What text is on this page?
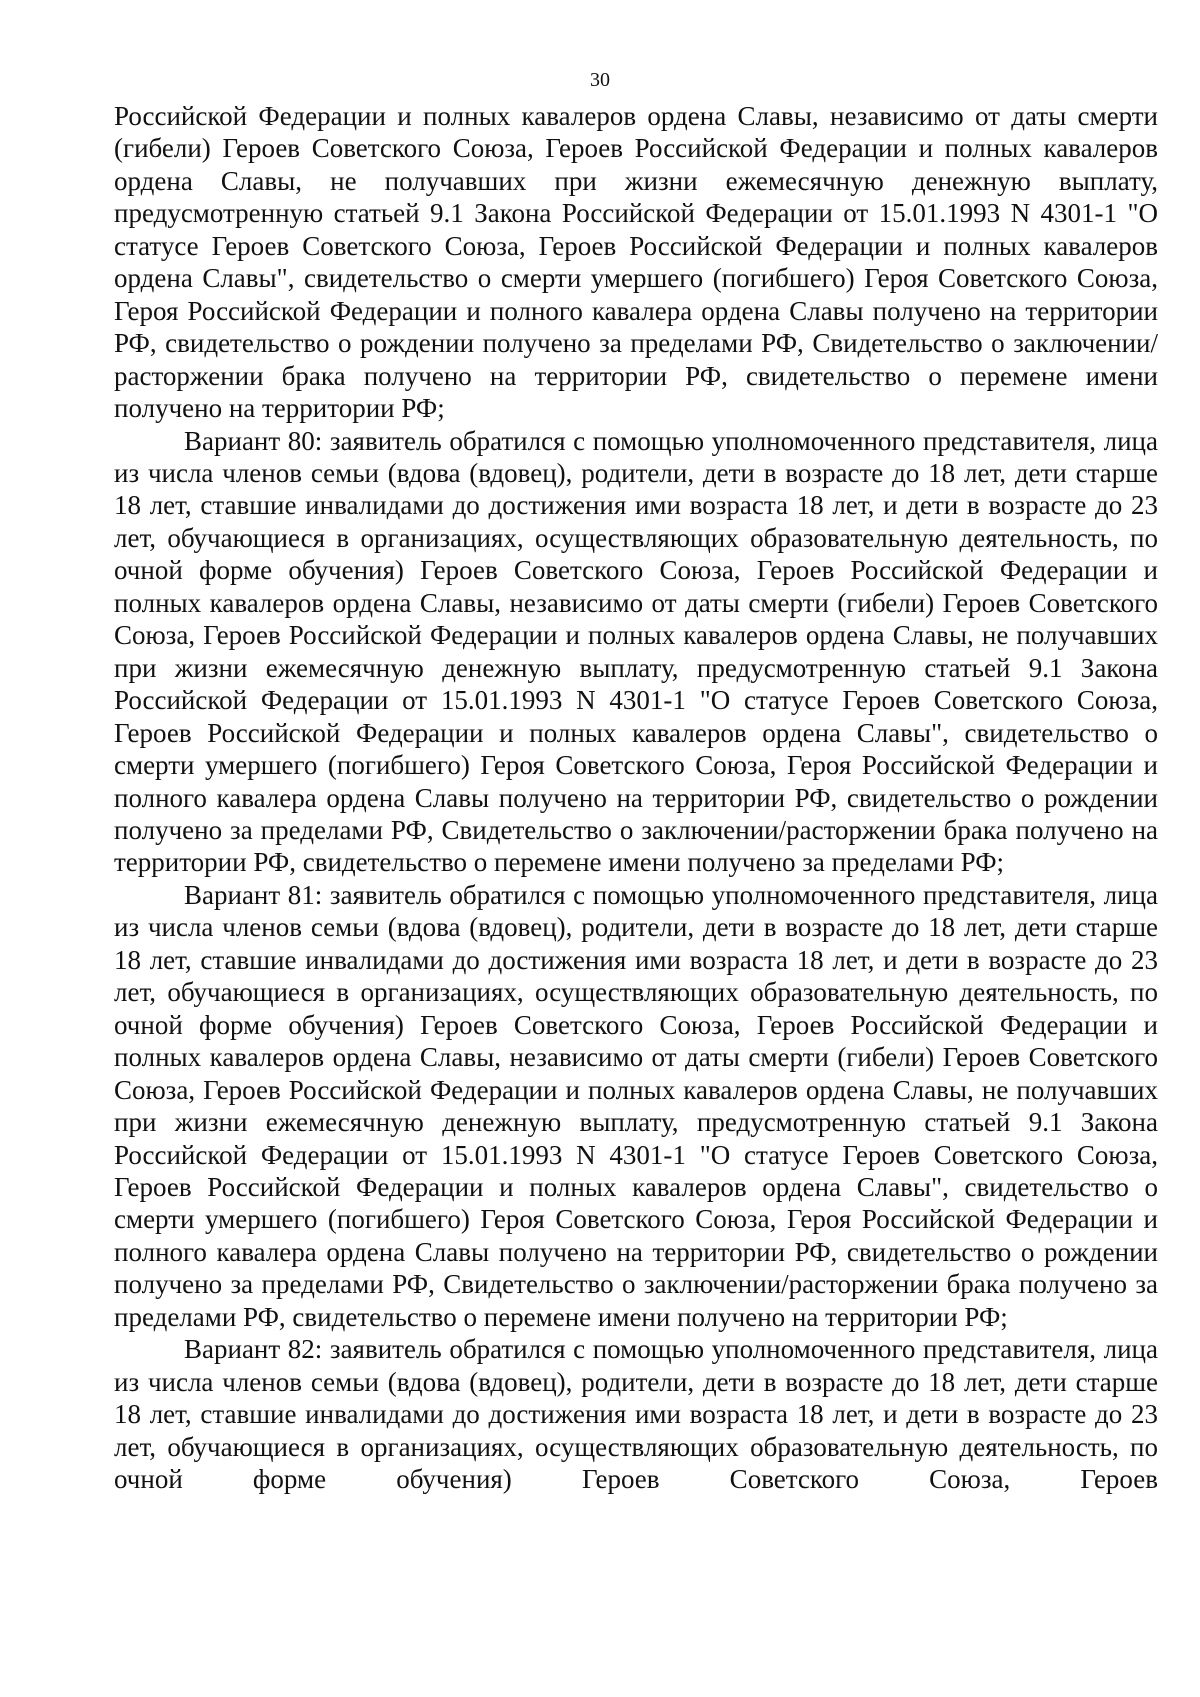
30

Российской Федерации и полных кавалеров ордена Славы, независимо от даты смерти (гибели) Героев Советского Союза, Героев Российской Федерации и полных кавалеров ордена Славы, не получавших при жизни ежемесячную денежную выплату, предусмотренную статьей 9.1 Закона Российской Федерации от 15.01.1993 N 4301-1 "О статусе Героев Советского Союза, Героев Российской Федерации и полных кавалеров ордена Славы", свидетельство о смерти умершего (погибшего) Героя Советского Союза, Героя Российской Федерации и полного кавалера ордена Славы получено на территории РФ, свидетельство о рождении получено за пределами РФ, Свидетельство о заключении/расторжении брака получено на территории РФ, свидетельство о перемене имени получено на территории РФ;

Вариант 80: заявитель обратился с помощью уполномоченного представителя, лица из числа членов семьи (вдова (вдовец), родители, дети в возрасте до 18 лет, дети старше 18 лет, ставшие инвалидами до достижения ими возраста 18 лет, и дети в возрасте до 23 лет, обучающиеся в организациях, осуществляющих образовательную деятельность, по очной форме обучения) Героев Советского Союза, Героев Российской Федерации и полных кавалеров ордена Славы, независимо от даты смерти (гибели) Героев Советского Союза, Героев Российской Федерации и полных кавалеров ордена Славы, не получавших при жизни ежемесячную денежную выплату, предусмотренную статьей 9.1 Закона Российской Федерации от 15.01.1993 N 4301-1 "О статусе Героев Советского Союза, Героев Российской Федерации и полных кавалеров ордена Славы", свидетельство о смерти умершего (погибшего) Героя Советского Союза, Героя Российской Федерации и полного кавалера ордена Славы получено на территории РФ, свидетельство о рождении получено за пределами РФ, Свидетельство о заключении/расторжении брака получено на территории РФ, свидетельство о перемене имени получено за пределами РФ;

Вариант 81: заявитель обратился с помощью уполномоченного представителя, лица из числа членов семьи (вдова (вдовец), родители, дети в возрасте до 18 лет, дети старше 18 лет, ставшие инвалидами до достижения ими возраста 18 лет, и дети в возрасте до 23 лет, обучающиеся в организациях, осуществляющих образовательную деятельность, по очной форме обучения) Героев Советского Союза, Героев Российской Федерации и полных кавалеров ордена Славы, независимо от даты смерти (гибели) Героев Советского Союза, Героев Российской Федерации и полных кавалеров ордена Славы, не получавших при жизни ежемесячную денежную выплату, предусмотренную статьей 9.1 Закона Российской Федерации от 15.01.1993 N 4301-1 "О статусе Героев Советского Союза, Героев Российской Федерации и полных кавалеров ордена Славы", свидетельство о смерти умершего (погибшего) Героя Советского Союза, Героя Российской Федерации и полного кавалера ордена Славы получено на территории РФ, свидетельство о рождении получено за пределами РФ, Свидетельство о заключении/расторжении брака получено за пределами РФ, свидетельство о перемене имени получено на территории РФ;

Вариант 82: заявитель обратился с помощью уполномоченного представителя, лица из числа членов семьи (вдова (вдовец), родители, дети в возрасте до 18 лет, дети старше 18 лет, ставшие инвалидами до достижения ими возраста 18 лет, и дети в возрасте до 23 лет, обучающиеся в организациях, осуществляющих образовательную деятельность, по очной форме обучения) Героев Советского Союза, Героев
